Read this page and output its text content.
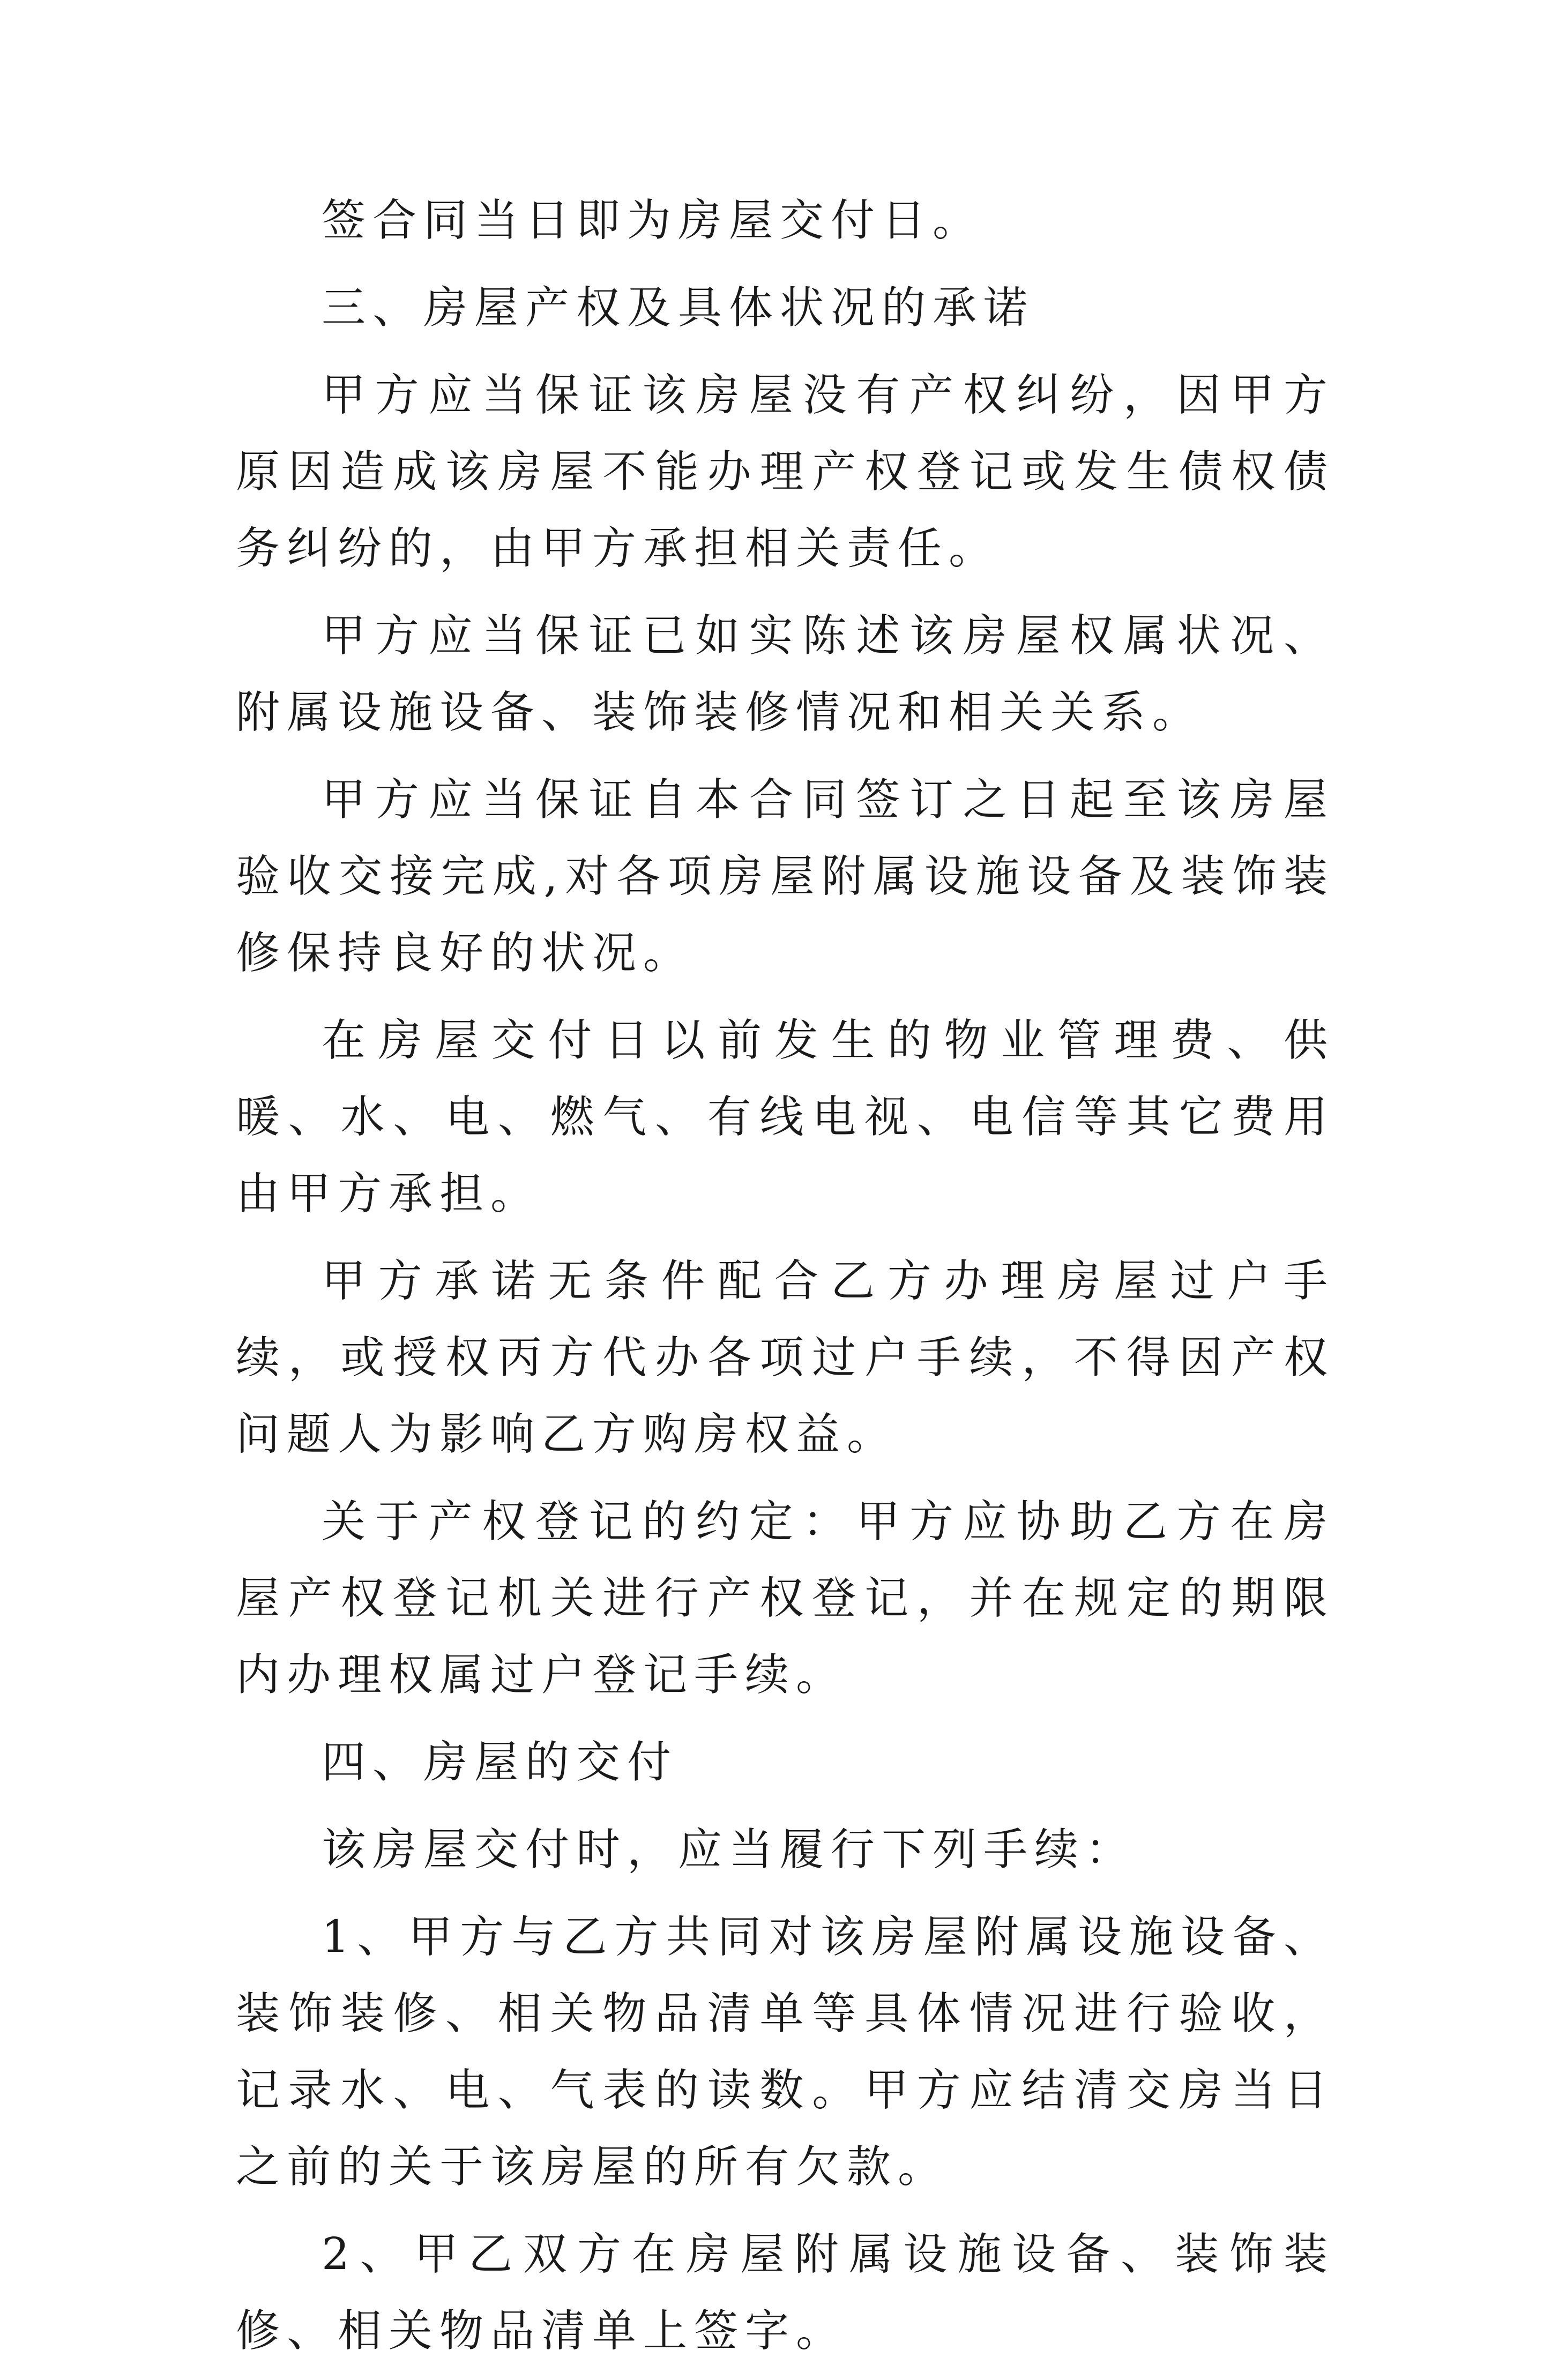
签合同当日即为房屋交付日。

三、房屋产权及具体状况的承诺

甲方应当保证该房屋没有产权纠纷，因甲方原因造成该房屋不能办理产权登记或发生债权债务纠纷的，由甲方承担相关责任。

甲方应当保证已如实陈述该房屋权属状况、附属设施设备、装饰装修情况和相关关系。

甲方应当保证自本合同签订之日起至该房屋验收交接完成,对各项房屋附属设施设备及装饰装修保持良好的状况。

在房屋交付日以前发生的物业管理费、供暖、水、电、燃气、有线电视、电信等其它费用由甲方承担。

甲方承诺无条件配合乙方办理房屋过户手续，或授权丙方代办各项过户手续，不得因产权问题人为影响乙方购房权益。

关于产权登记的约定：甲方应协助乙方在房屋产权登记机关进行产权登记，并在规定的期限内办理权属过户登记手续。

四、房屋的交付

该房屋交付时，应当履行下列手续：

1、甲方与乙方共同对该房屋附属设施设备、装饰装修、相关物品清单等具体情况进行验收，记录水、电、气表的读数。甲方应结清交房当日之前的关于该房屋的所有欠款。

2、甲乙双方在房屋附属设施设备、装饰装修、相关物品清单上签字。
